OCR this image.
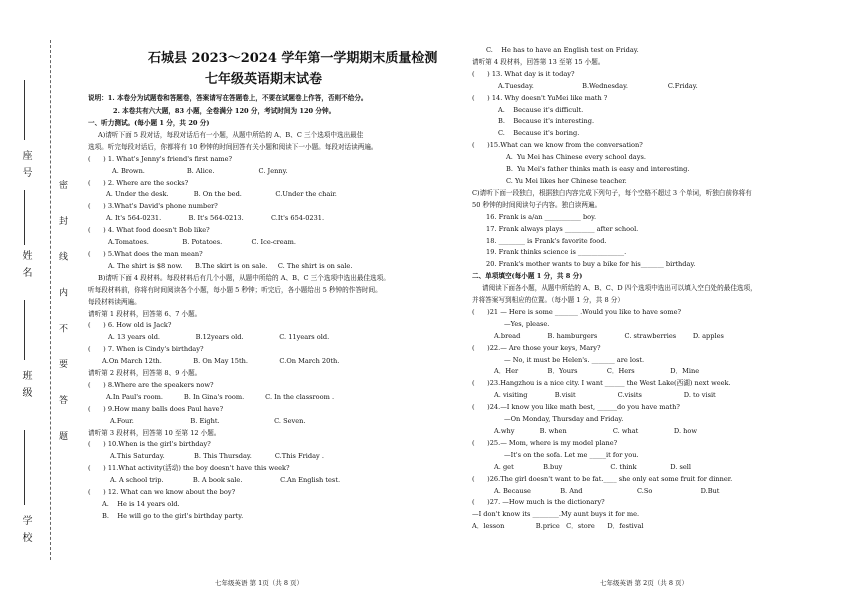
学 校
班 级
姓 名
座 号
密 封 线 内 不 要 答 题
石城县 2023～2024 学年第一学期期末质量检测
七年级英语期末试卷
说明：1. 本卷分为试题卷和答题卷，答案请写在答题卷上，不要在试题卷上作答，否则不给分。
2. 本卷共有六大题，83 小题，全卷满分 120 分，考试时间为 120 分钟。
一、听力测试。(每小题 1 分，共 20 分)
A)请听下面 5 段对话，每段对话后有一小题，从题中所给的 A、B、C 三个选项中选出最佳
选项。听完每段对话后，你都将有 10 秒钟的时间回答有关小题和阅读下一小题。每段对话读两遍。
(      ) 1. What's Jenny's friend's first name?
A. Brown.                    B. Alice.                     C. Jenny.
(      ) 2. Where are the socks?
A. Under the desk.            B. On the bed.                C.Under the chair.
(      ) 3.What's David's phone number?
A. It's 564-0231.             B. It's 564-0213.             C.It's 654-0231.
(      ) 4. What food doesn't Bob like?
A.Tomatoes.                B. Potatoes.              C. Ice-cream.
(      ) 5.What does the man mean?
A. The shirt is $8 now.      B.The skirt is on sale.     C. The shirt is on sale.
B)请听下面 4 段材料。每段材料后有几个小题，从题中所给的 A、B、C 三个选项中选出最佳选项。
听每段材料前，你将有时间阅读各个小题，每小题 5 秒钟；听完后，各小题给出 5 秒钟的作答时间。
每段材料读两遍。
请听第 1 段材料，回答第 6、7 小题。
(      ) 6. How old is Jack?
A. 13 years old.                 B.12years old.                 C. 11years old.
(      ) 7. When is Cindy's birthday?
A.On March 12th.               B. On May 15th.               C.On March 20th.
请听第 2 段材料，回答第 8、9 小题。
(      ) 8.Where are the speakers now?
A.In Paul's room.          B. In Gina's room.          C. In the classroom .
(      ) 9.How many balls does Paul have?
A.Four.                           B. Eight.                          C. Seven.
请听第 3 段材料，回答第 10 至第 12 小题。
(      ) 10.When is the girl's birthday?
A.This Saturday.              B. This Thursday.           C.This Friday .
(      ) 11.What activity(活动) the boy doesn't have this week?
A. A school trip.              B. A book sale.                  C.An English test.
(      ) 12. What can we know about the boy?
A.    He is 14 years old.
B.    He will go to the girl's birthday party.
C.    He has to have an English test on Friday.
请听第 4 段材料，回答第 13 至第 15 小题。
(      ) 13. What day is it today?
A.Tuesday.                       B.Wednesday.                   C.Friday.
(      ) 14. Why doesn't YuMei like math ?
A.    Because it's difficult.
B.    Because it's interesting.
C.    Because it's boring.
(      )15.What can we know from the conversation?
A.  Yu Mei has Chinese every school days.
B.  Yu Mei's father thinks math is easy and interesting.
C. Yu Mei likes her Chinese teacher.
C)请听下面一段独白，根据独白内容完成下列句子，每个空格不超过 3 个单词，听独白前你将有
50 秒钟的时间阅读句子内容。独白读两遍。
16. Frank is a/an ___________ boy.
17. Frank always plays _________ after school.
18. ________ is Frank's favorite food.
19. Frank thinks science is ______________.
20. Frank's mother wants to buy a bike for his_______ birthday.
二、单项填空(每小题 1 分，共 8 分)
请阅读下面各小题，从题中所给的 A、B、C、D 四个选项中选出可以填入空白处的最佳选项，
并将答案写到相应的位置。（每小题 1 分，共 8 分）
(      )21 — Here is some _______ .Would you like to have some?
—Yes, please.
A.bread             B. hamburgers             C. strawberries        D. apples
(      )22.— Are those your keys, Mary?
— No, it must be Helen's. _______ are lost.
A．Her              B．Yours              C．Hers                 D．Mine
(      )23.Hangzhou is a nice city. I want ______ the West Lake(西湖) next week.
A. visiting             B.visit                    C.visits                    D. to visit
(      )24.—I know you like math best, ______do you have math?
—On Monday, Thursday and Friday.
A.why            B. when                      C. what                 D. how
(      )25.— Mom, where is my model plane?
—It's on the sofa. Let me _____it for you.
A. get              B.buy                       C. think                D. sell
(      )26.The girl doesn't want to be fat.____ she only eat some fruit for dinner.
A. Because              B. And                          C.So                       D.But
(      )27. —How much is the dictionary?
—I don't know its ________.My aunt buys it for me.
A．lesson               B.price   C．store      D．festival
七年级英语 第 1页（共 8 页）	七年级英语 第 2页（共 8 页）
